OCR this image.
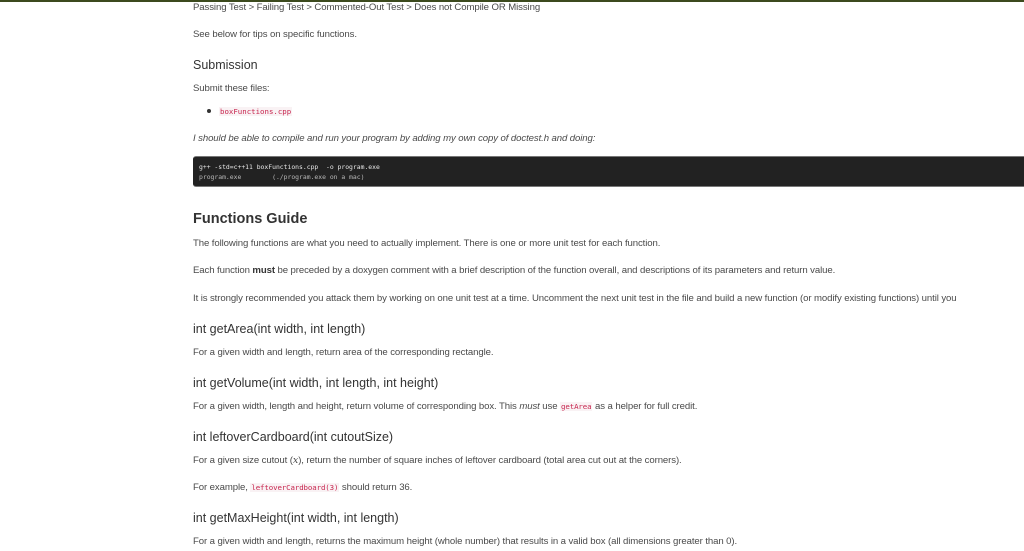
Passing Test > Failing Test > Commented-Out Test > Does not Compile OR Missing
See below for tips on specific functions.
Submission
Submit these files:
boxFunctions.cpp
I should be able to compile and run your program by adding my own copy of doctest.h and doing:
Functions Guide
The following functions are what you need to actually implement. There is one or more unit test for each function.
Each function must be preceded by a doxygen comment with a brief description of the function overall, and descriptions of its parameters and return value.
It is strongly recommended you attack them by working on one unit test at a time. Uncomment the next unit test in the file and build a new function (or modify existing functions) until you
int getArea(int width, int length)
For a given width and length, return area of the corresponding rectangle.
int getVolume(int width, int length, int height)
For a given width, length and height, return volume of corresponding box. This must use getArea as a helper for full credit.
int leftoverCardboard(int cutoutSize)
For a given size cutout (x), return the number of square inches of leftover cardboard (total area cut out at the corners).
For example, leftoverCardboard(3) should return 36.
int getMaxHeight(int width, int length)
For a given width and length, returns the maximum height (whole number) that results in a valid box (all dimensions greater than 0).
g++ -std=c++11 boxFunctions.cpp  -o program.exe
program.exe        (./program.exe on a mac)
